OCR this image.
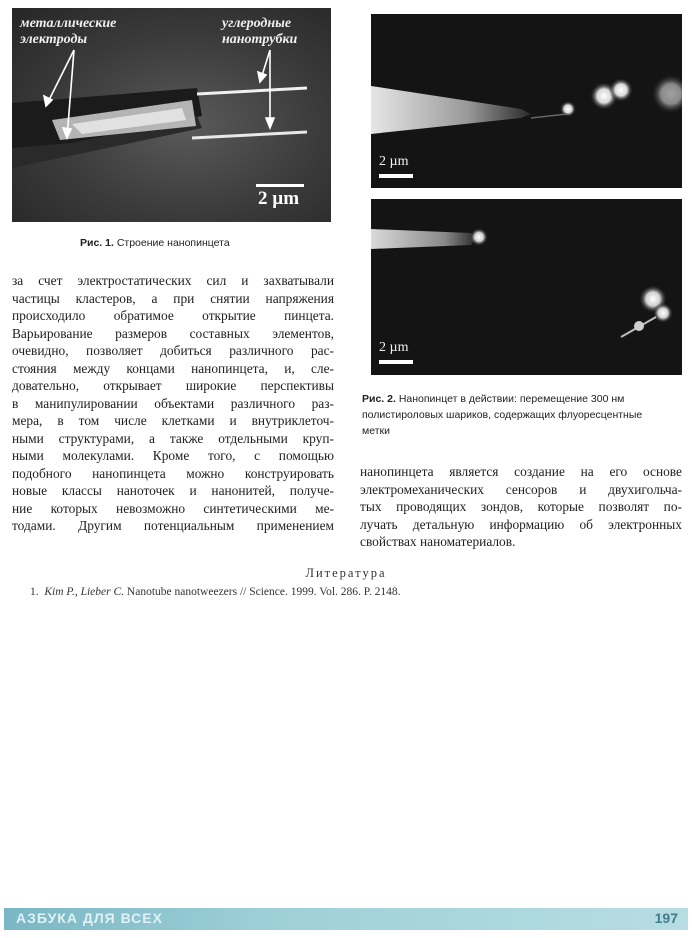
металлические
электроды
углеродные
нанотрубки
2 µm
Рис. 1. Строение нанопинцета
2 µm
2 µm
Рис. 2. Нанопинцет в действии: перемещение 300 нм
полистироловых шариков, содержащих флуоресцентные
метки
за счет электростатических сил и захватывали
частицы кластеров, а при снятии напряжения
происходило обратимое открытие пинцета.
Варьирование размеров составных элементов,
очевидно, позволяет добиться различного рас-
стояния между концами нанопинцета, и, сле-
довательно, открывает широкие перспективы
в манипулировании объектами различного раз-
мера, в том числе клетками и внутриклеточ-
ными структурами, а также отдельными круп-
ными молекулами. Кроме того, с помощью
подобного нанопинцета можно конструировать
новые классы наноточек и нанонитей, получе-
ние которых невозможно синтетическими ме-
тодами. Другим потенциальным применением
нанопинцета является создание на его основе
электромеханических сенсоров и двухигольча-
тых проводящих зондов, которые позволят по-
лучать детальную информацию об электронных
свойствах наноматериалов.
Литература
1. Kim P., Lieber C. Nanotube nanotweezers // Science. 1999. Vol. 286. P. 2148.
АЗБУКА ДЛЯ ВСЕХ	197
